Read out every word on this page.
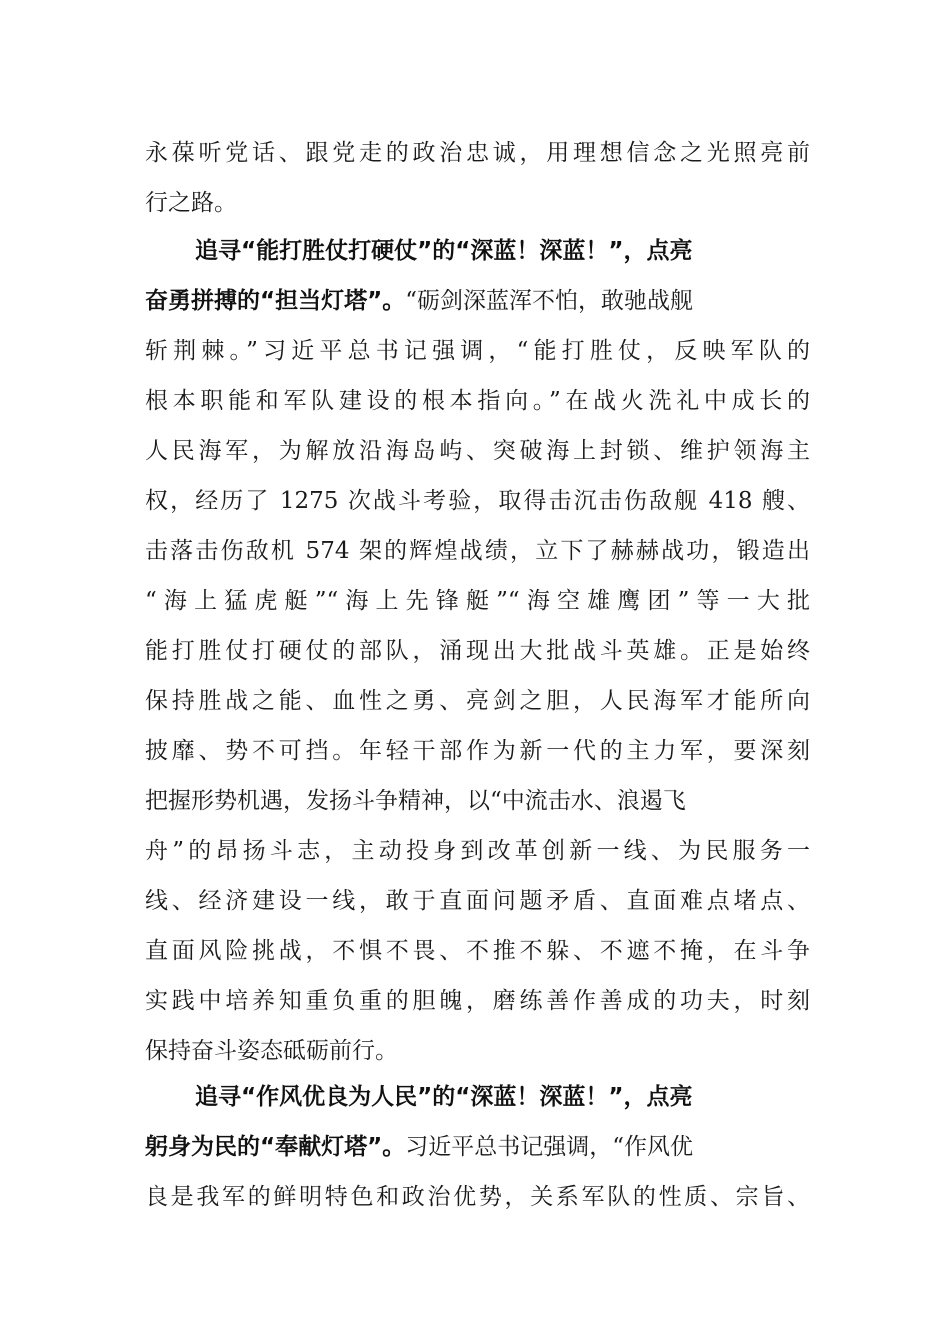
永葆听党话、跟党走的政治忠诚，用理想信念之光照亮前
行之路。
追寻“能打胜仗打硬仗”的“深蓝！深蓝！”，点亮
奋勇拼搏的“担当灯塔”。“砺剑深蓝浑不怕，敢驰战舰
斩荆棘。”习近平总书记强调，“能打胜仗，反映军队的
根本职能和军队建设的根本指向。”在战火洗礼中成长的
人民海军，为解放沿海岛屿、突破海上封锁、维护领海主
权，经历了 1275 次战斗考验，取得击沉击伤敌舰 418 艘、
击落击伤敌机 574 架的辉煌战绩，立下了赫赫战功，锻造出
“海上猛虎艇”“海上先锋艇”“海空雄鹰团”等一大批
能打胜仗打硬仗的部队，涌现出大批战斗英雄。正是始终
保持胜战之能、血性之勇、亮剑之胆，人民海军才能所向
披靡、势不可挡。年轻干部作为新一代的主力军，要深刻
把握形势机遇，发扬斗争精神，以“中流击水、浪遏飞
舟”的昂扬斗志，主动投身到改革创新一线、为民服务一
线、经济建设一线，敢于直面问题矛盾、直面难点堵点、
直面风险挑战，不惧不畏、不推不躲、不遮不掩，在斗争
实践中培养知重负重的胆魄，磨练善作善成的功夫，时刻
保持奋斗姿态砥砺前行。
追寻“作风优良为人民”的“深蓝！深蓝！”，点亮
躬身为民的“奉献灯塔”。习近平总书记强调，“作风优
良是我军的鲜明特色和政治优势，关系军队的性质、宗旨、
